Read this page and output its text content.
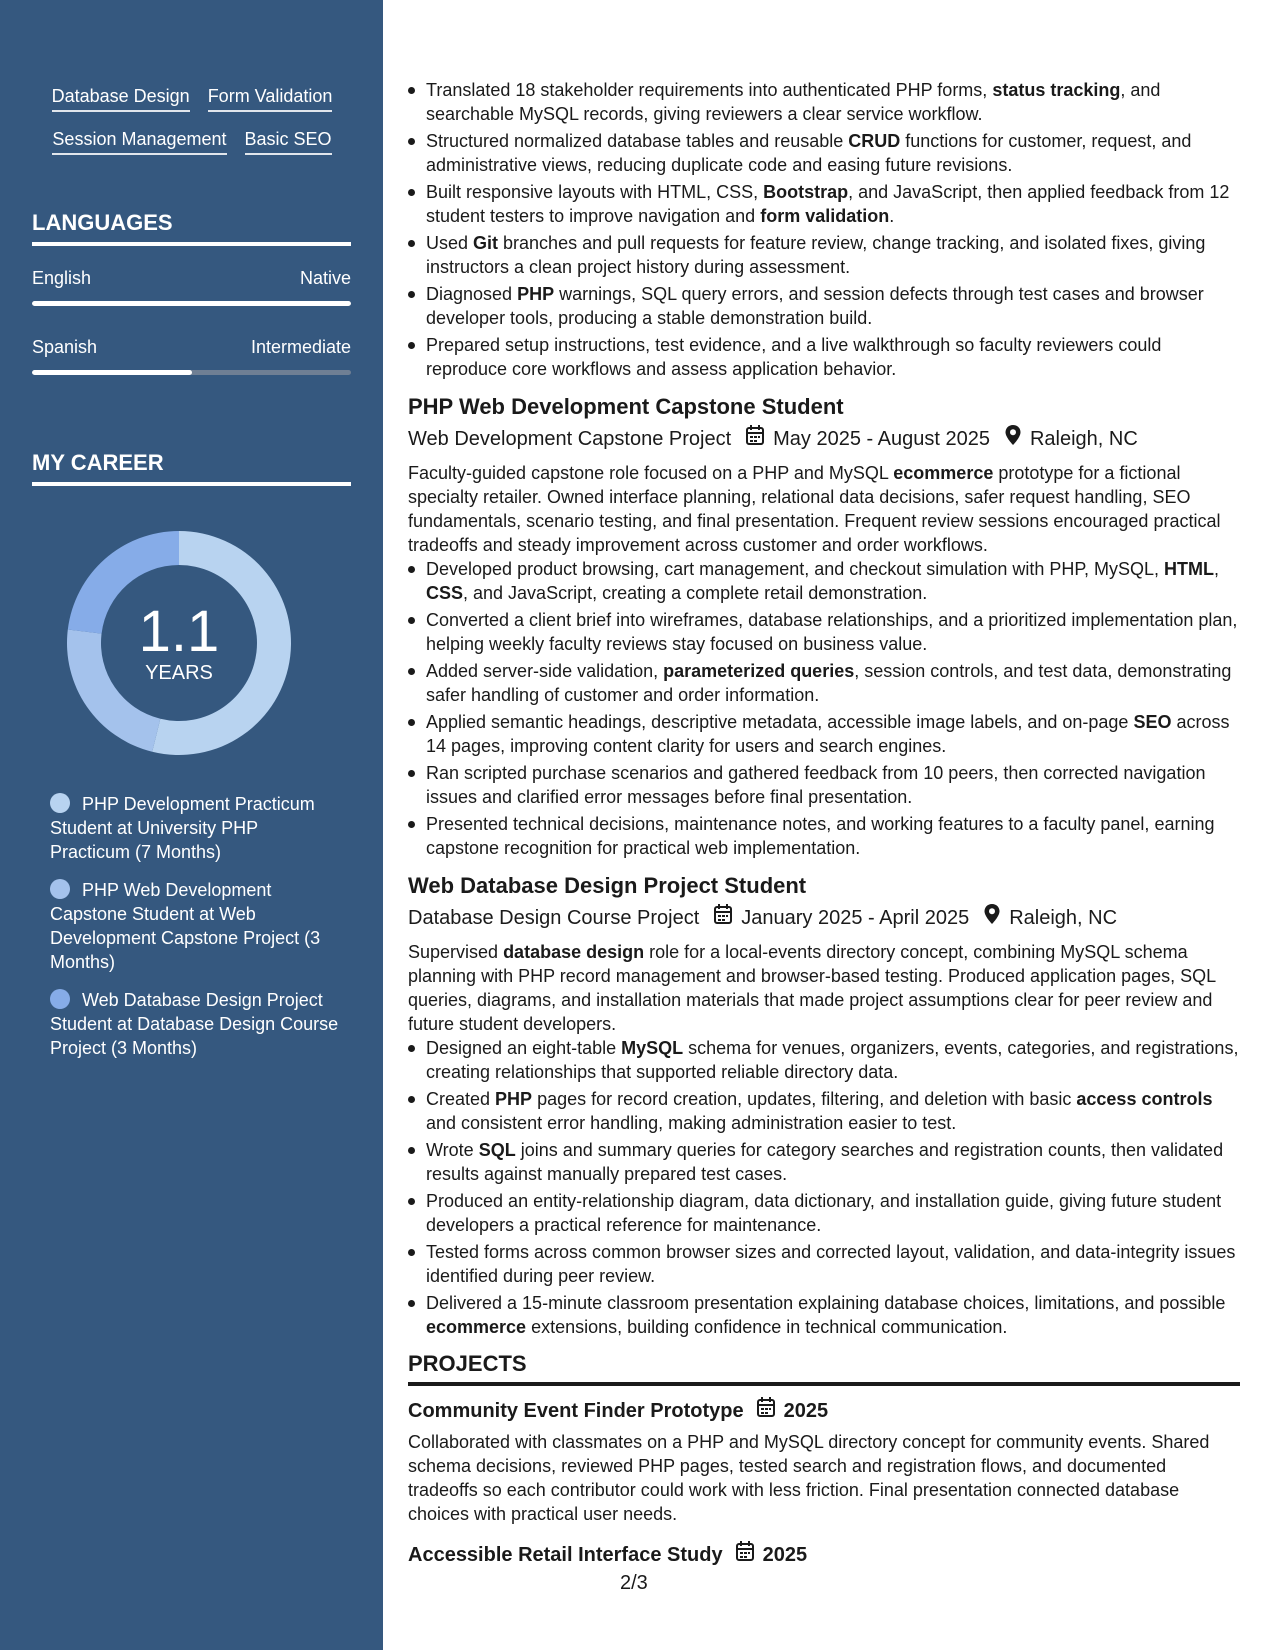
Database Design Form Validation
Session Management Basic SEO
LANGUAGES
English	Native
Spanish	Intermediate
MY CAREER
1.1
YEARS
PHP Development Practicum Student at University PHP Practicum (7 Months)
PHP Web Development Capstone Student at Web Development Capstone Project (3 Months)
Web Database Design Project Student at Database Design Course Project (3 Months)
Translated 18 stakeholder requirements into authenticated PHP forms, status tracking, and searchable MySQL records, giving reviewers a clear service workflow.
Structured normalized database tables and reusable CRUD functions for customer, request, and administrative views, reducing duplicate code and easing future revisions.
Built responsive layouts with HTML, CSS, Bootstrap, and JavaScript, then applied feedback from 12 student testers to improve navigation and form validation.
Used Git branches and pull requests for feature review, change tracking, and isolated fixes, giving instructors a clean project history during assessment.
Diagnosed PHP warnings, SQL query errors, and session defects through test cases and browser developer tools, producing a stable demonstration build.
Prepared setup instructions, test evidence, and a live walkthrough so faculty reviewers could reproduce core workflows and assess application behavior.
PHP Web Development Capstone Student
Web Development Capstone Project May 2025 - August 2025 Raleigh, NC

Faculty-guided capstone role focused on a PHP and MySQL ecommerce prototype for a fictional specialty retailer. Owned interface planning, relational data decisions, safer request handling, SEO fundamentals, scenario testing, and final presentation. Frequent review sessions encouraged practical tradeoffs and steady improvement across customer and order workflows.

Developed product browsing, cart management, and checkout simulation with PHP, MySQL, HTML, CSS, and JavaScript, creating a complete retail demonstration.
Converted a client brief into wireframes, database relationships, and a prioritized implementation plan, helping weekly faculty reviews stay focused on business value.
Added server-side validation, parameterized queries, session controls, and test data, demonstrating safer handling of customer and order information.
Applied semantic headings, descriptive metadata, accessible image labels, and on-page SEO across 14 pages, improving content clarity for users and search engines.
Ran scripted purchase scenarios and gathered feedback from 10 peers, then corrected navigation issues and clarified error messages before final presentation.
Presented technical decisions, maintenance notes, and working features to a faculty panel, earning capstone recognition for practical web implementation.
Web Database Design Project Student
Database Design Course Project January 2025 - April 2025 Raleigh, NC

Supervised database design role for a local-events directory concept, combining MySQL schema planning with PHP record management and browser-based testing. Produced application pages, SQL queries, diagrams, and installation materials that made project assumptions clear for peer review and future student developers.

Designed an eight-table MySQL schema for venues, organizers, events, categories, and registrations, creating relationships that supported reliable directory data.
Created PHP pages for record creation, updates, filtering, and deletion with basic access controls and consistent error handling, making administration easier to test.
Wrote SQL joins and summary queries for category searches and registration counts, then validated results against manually prepared test cases.
Produced an entity-relationship diagram, data dictionary, and installation guide, giving future student developers a practical reference for maintenance.
Tested forms across common browser sizes and corrected layout, validation, and data-integrity issues identified during peer review.
Delivered a 15-minute classroom presentation explaining database choices, limitations, and possible ecommerce extensions, building confidence in technical communication.
PROJECTS
Community Event Finder Prototype 2025

Collaborated with classmates on a PHP and MySQL directory concept for community events. Shared schema decisions, reviewed PHP pages, tested search and registration flows, and documented tradeoffs so each contributor could work with less friction. Final presentation connected database choices with practical user needs.

Accessible Retail Interface Study 2025
2/3
